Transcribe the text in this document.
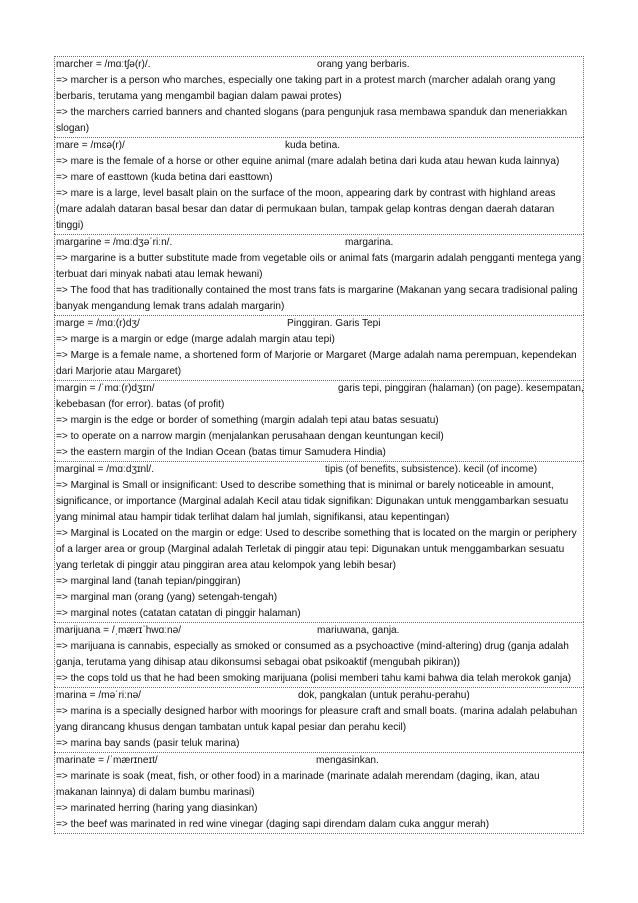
marcher = /mɑːtʃə(r)/.	orang yang berbaris.
=> marcher is a person who marches, especially one taking part in a protest march (marcher adalah orang yang berbaris, terutama yang mengambil bagian dalam pawai protes)
=> the marchers carried banners and chanted slogans (para pengunjuk rasa membawa spanduk dan meneriakkan slogan)
mare = /mɛə(r)/	kuda betina.
=> mare is the female of a horse or other equine animal (mare adalah betina dari kuda atau hewan kuda lainnya)
=> mare of easttown (kuda betina dari easttown)
=> mare is a large, level basalt plain on the surface of the moon, appearing dark by contrast with highland areas (mare adalah dataran basal besar dan datar di permukaan bulan, tampak gelap kontras dengan daerah dataran tinggi)
margarine = /mɑːdʒəˈriːn/.	margarina.
=> margarine is a butter substitute made from vegetable oils or animal fats (margarin adalah pengganti mentega yang terbuat dari minyak nabati atau lemak hewani)
=> The food that has traditionally contained the most trans fats is margarine (Makanan yang secara tradisional paling banyak mengandung lemak trans adalah margarin)
marge = /mɑː(r)dʒ/	Pinggiran. Garis Tepi
=> marge is a margin or edge (marge adalah margin atau tepi)
=> Marge is a female name, a shortened form of Marjorie or Margaret (Marge adalah nama perempuan, kependekan dari Marjorie atau Margaret)
margin = /ˈmɑː(r)dʒɪn/	garis tepi, pinggiran (halaman) (on page). kesempatan,
kebebasan (for error). batas (of profit)
=> margin is the edge or border of something (margin adalah tepi atau batas sesuatu)
=> to operate on a narrow margin (menjalankan perusahaan dengan keuntungan kecil)
=> the eastern margin of the Indian Ocean (batas timur Samudera Hindia)
marginal = /mɑːdʒɪnl/.	tipis (of benefits, subsistence). kecil (of income)
=> Marginal is Small or insignificant: Used to describe something that is minimal or barely noticeable in amount, significance, or importance (Marginal adalah Kecil atau tidak signifikan: Digunakan untuk menggambarkan sesuatu yang minimal atau hampir tidak terlihat dalam hal jumlah, signifikansi, atau kepentingan)
=> Marginal is Located on the margin or edge: Used to describe something that is located on the margin or periphery of a larger area or group (Marginal adalah Terletak di pinggir atau tepi: Digunakan untuk menggambarkan sesuatu yang terletak di pinggir atau pinggiran area atau kelompok yang lebih besar)
=> marginal land (tanah tepian/pinggiran)
=> marginal man (orang (yang) setengah-tengah)
=> marginal notes (catatan catatan di pinggir halaman)
marijuana = /ˌmærɪˈhwɑːnə/	mariuwana, ganja.
=> marijuana is cannabis, especially as smoked or consumed as a psychoactive (mind-altering) drug (ganja adalah ganja, terutama yang dihisap atau dikonsumsi sebagai obat psikoaktif (mengubah pikiran))
=> the cops told us that he had been smoking marijuana (polisi memberi tahu kami bahwa dia telah merokok ganja)
marina = /məˈriːnə/	dok, pangkalan (untuk perahu-perahu)
=> marina is a specially designed harbor with moorings for pleasure craft and small boats. (marina adalah pelabuhan yang dirancang khusus dengan tambatan untuk kapal pesiar dan perahu kecil)
=> marina bay sands (pasir teluk marina)
marinate = /ˈmærɪneɪt/	mengasinkan.
=> marinate is soak (meat, fish, or other food) in a marinade (marinate adalah merendam (daging, ikan, atau makanan lainnya) di dalam bumbu marinasi)
=> marinated herring (haring yang diasinkan)
=> the beef was marinated in red wine vinegar (daging sapi direndam dalam cuka anggur merah)
